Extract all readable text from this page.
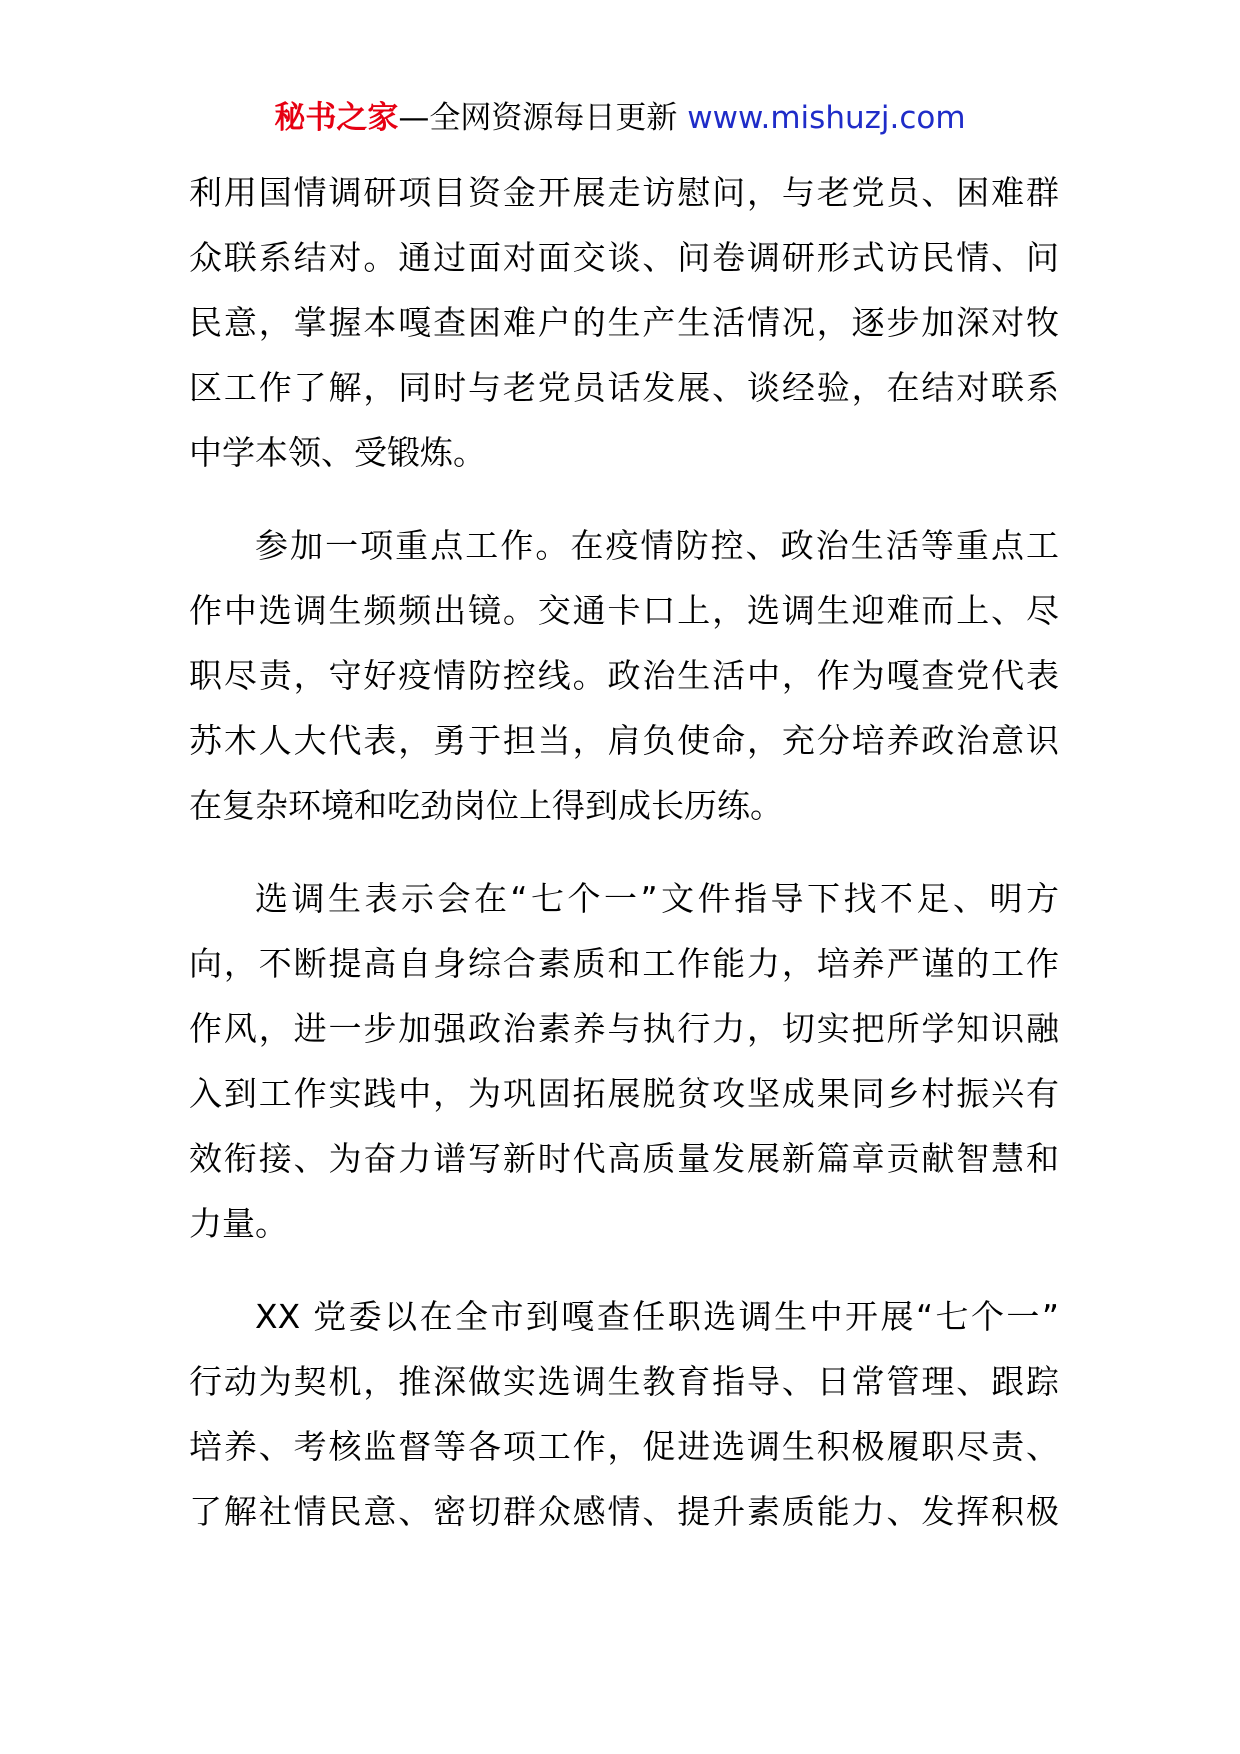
秘书之家—全网资源每日更新 www.mishuzj.com

利用国情调研项目资金开展走访慰问，与老党员、困难群
众联系结对。通过面对面交谈、问卷调研形式访民情、问
民意，掌握本嘎查困难户的生产生活情况，逐步加深对牧
区工作了解，同时与老党员话发展、谈经验，在结对联系
中学本领、受锻炼。

参加一项重点工作。在疫情防控、政治生活等重点工
作中选调生频频出镜。交通卡口上，选调生迎难而上、尽
职尽责，守好疫情防控线。政治生活中，作为嘎查党代表
苏木人大代表，勇于担当，肩负使命，充分培养政治意识
在复杂环境和吃劲岗位上得到成长历练。

选调生表示会在“七个一”文件指导下找不足、明方
向，不断提高自身综合素质和工作能力，培养严谨的工作
作风，进一步加强政治素养与执行力，切实把所学知识融
入到工作实践中，为巩固拓展脱贫攻坚成果同乡村振兴有
效衔接、为奋力谱写新时代高质量发展新篇章贡献智慧和
力量。

XX 党委以在全市到嘎查任职选调生中开展“七个一”
行动为契机，推深做实选调生教育指导、日常管理、跟踪
培养、考核监督等各项工作，促进选调生积极履职尽责、
了解社情民意、密切群众感情、提升素质能力、发挥积极
